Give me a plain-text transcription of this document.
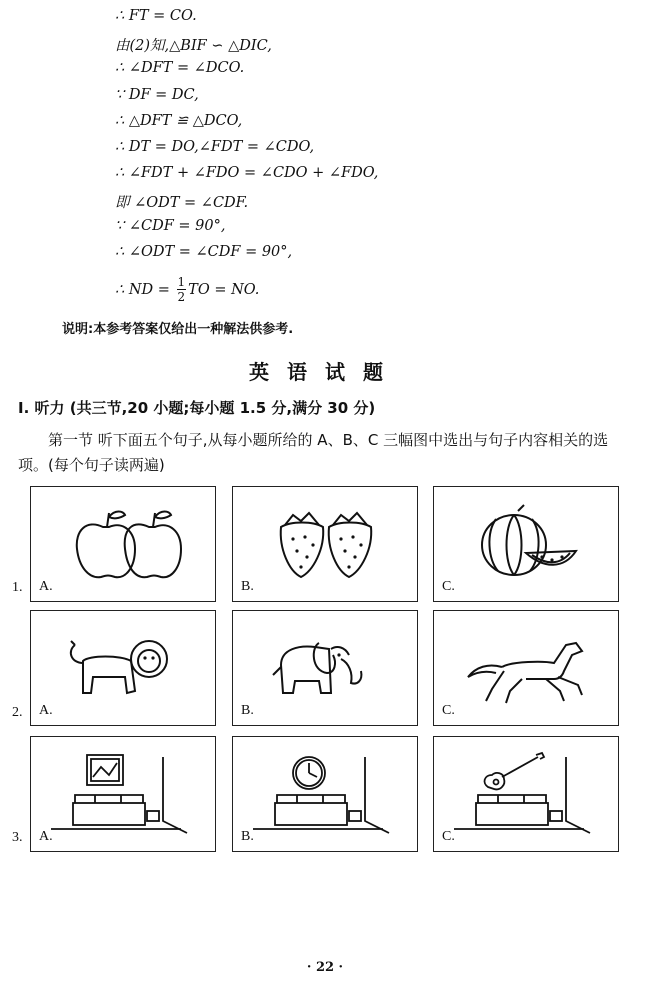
∴ FT = CO.
由(2)知,△BIF ∽ △DIC,
∴ ∠DFT = ∠DCO.
∵ DF = DC,
∴ △DFT ≌ △DCO,
∴ DT = DO,∠FDT = ∠CDO,
∴ ∠FDT + ∠FDO = ∠CDO + ∠FDO,
即 ∠ODT = ∠CDF.
∵ ∠CDF = 90°,
∴ ∠ODT = ∠CDF = 90°,
∴ ND = $\frac{1}{2}$ TO = NO.
说明:本参考答案仅给出一种解法供参考.
英语试题
I. 听力 (共三节,20 小题;每小题 1.5 分,满分 30 分)
第一节 听下面五个句子,从每小题所给的 A、B、C 三幅图中选出与句子内容相关的选项。(每个句子读两遍)
1. A.	B.	C.
2. A.	B.	C.
3. A.	B.	C.
· 22 ·
